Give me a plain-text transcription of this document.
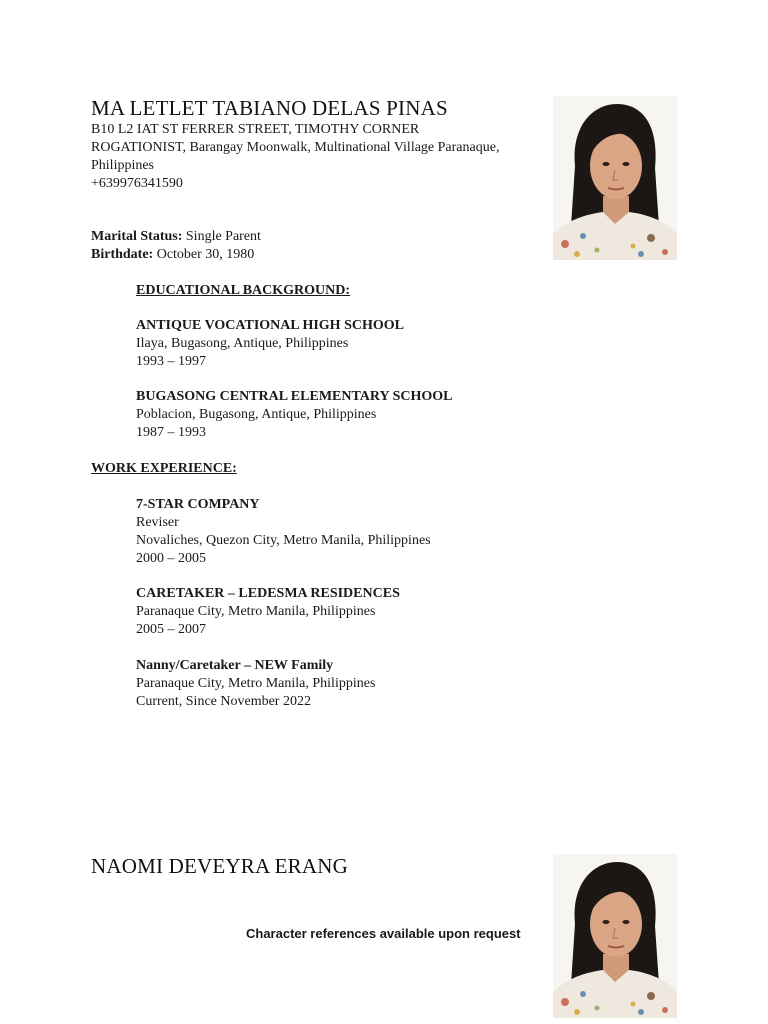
MA LETLET TABIANO DELAS PINAS
B10 L2 IAT ST FERRER STREET, TIMOTHY CORNER
ROGATIONIST, Barangay Moonwalk, Multinational Village Paranaque,
Philippines
+639976341590
Marital Status: Single Parent
Birthdate: October 30, 1980
EDUCATIONAL BACKGROUND:
ANTIQUE VOCATIONAL HIGH SCHOOL
Ilaya, Bugasong, Antique, Philippines
1993 – 1997
BUGASONG CENTRAL ELEMENTARY SCHOOL
Poblacion, Bugasong, Antique, Philippines
1987 – 1993
WORK EXPERIENCE:
7-STAR COMPANY
Reviser
Novaliches, Quezon City, Metro Manila, Philippines
2000 – 2005
CARETAKER – LEDESMA RESIDENCES
Paranaque City, Metro Manila, Philippines
2005 – 2007
Nanny/Caretaker – NEW Family
Paranaque City, Metro Manila, Philippines
Current, Since November 2022
NAOMI DEVEYRA ERANG
Character references available upon request
